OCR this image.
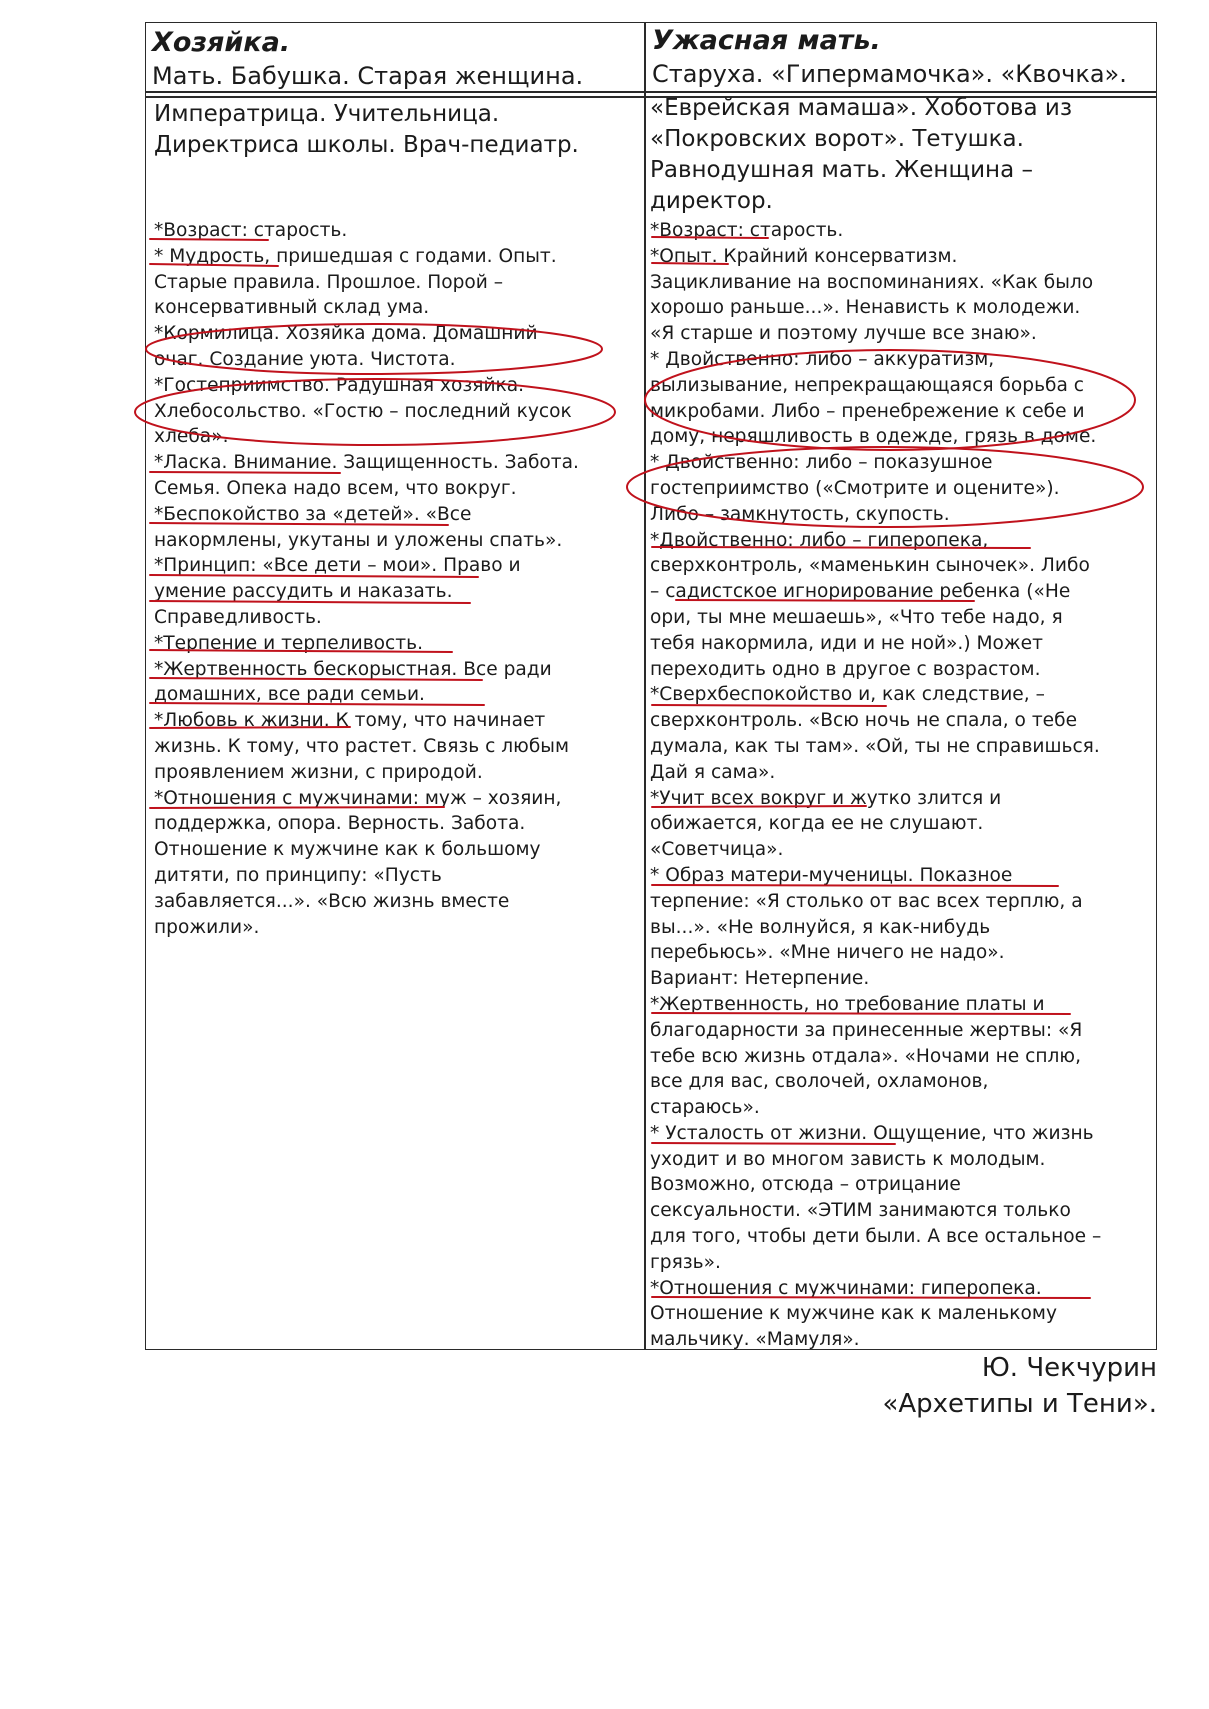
Хозяйка.
Мать. Бабушка. Старая женщина.
Ужасная мать.
Старуха. «Гипермамочка». «Квочка».
Императрица. Учительница.
Директриса школы. Врач-педиатр.
«Еврейская мамаша». Хоботова из
«Покровских ворот». Тетушка.
Равнодушная мать. Женщина –
директор.
*Возраст: старость.
* Мудрость, пришедшая с годами. Опыт.
Старые правила. Прошлое. Порой –
консервативный склад ума.
*Кормилица. Хозяйка дома. Домашний
очаг. Создание уюта. Чистота.
*Гостеприимство. Радушная хозяйка.
Хлебосольство. «Гостю – последний кусок
хлеба».
*Ласка. Внимание. Защищенность. Забота.
Семья. Опека надо всем, что вокруг.
*Беспокойство за «детей». «Все
накормлены, укутаны и уложены спать».
*Принцип: «Все дети – мои». Право и
умение рассудить и наказать.
Справедливость.
*Терпение и терпеливость.
*Жертвенность бескорыстная. Все ради
домашних, все ради семьи.
*Любовь к жизни. К тому, что начинает
жизнь. К тому, что растет. Связь с любым
проявлением жизни, с природой.
*Отношения с мужчинами: муж – хозяин,
поддержка, опора. Верность. Забота.
Отношение к мужчине как к большому
дитяти, по принципу: «Пусть
забавляется...». «Всю жизнь вместе
прожили».
*Возраст: старость.
*Опыт. Крайний консерватизм.
Зацикливание на воспоминаниях. «Как было
хорошо раньше...». Ненависть к молодежи.
«Я старше и поэтому лучше все знаю».
* Двойственно: либо – аккуратизм,
вылизывание, непрекращающаяся борьба с
микробами. Либо – пренебрежение к себе и
дому, неряшливость в одежде, грязь в доме.
* Двойственно: либо – показушное
гостеприимство («Смотрите и оцените»).
Либо – замкнутость, скупость.
*Двойственно: либо – гиперопека,
сверхконтроль, «маменькин сыночек». Либо
– садистское игнорирование ребенка («Не
ори, ты мне мешаешь», «Что тебе надо, я
тебя накормила, иди и не ной».) Может
переходить одно в другое с возрастом.
*Сверхбеспокойство и, как следствие, –
сверхконтроль. «Всю ночь не спала, о тебе
думала, как ты там». «Ой, ты не справишься.
Дай я сама».
*Учит всех вокруг и жутко злится и
обижается, когда ее не слушают.
«Советчица».
* Образ матери-мученицы. Показное
терпение: «Я столько от вас всех терплю, а
вы...». «Не волнуйся, я как-нибудь
перебьюсь». «Мне ничего не надо».
Вариант: Нетерпение.
*Жертвенность, но требование платы и
благодарности за принесенные жертвы: «Я
тебе всю жизнь отдала». «Ночами не сплю,
все для вас, сволочей, охламонов,
стараюсь».
* Усталость от жизни. Ощущение, что жизнь
уходит и во многом зависть к молодым.
Возможно, отсюда – отрицание
сексуальности. «ЭТИМ занимаются только
для того, чтобы дети были. А все остальное –
грязь».
*Отношения с мужчинами: гиперопека.
Отношение к мужчине как к маленькому
мальчику. «Мамуля».
Ю. Чекчурин
«Архетипы и Тени».
